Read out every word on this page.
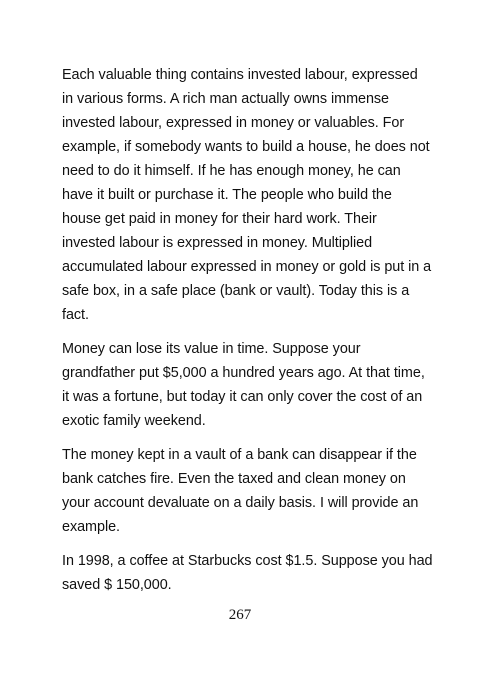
Each valuable thing contains invested labour, expressed
in various forms. A rich man actually owns immense
invested labour, expressed in money or valuables. For
example, if somebody wants to build a house, he does not
need to do it himself. If he has enough money, he can
have it built or purchase it. The people who build the
house get paid in money for their hard work. Their
invested labour is expressed in money. Multiplied
accumulated labour expressed in money or gold is put in a
safe box, in a safe place (bank or vault). Today this is a
fact.

Money can lose its value in time. Suppose your
grandfather put $5,000 a hundred years ago. At that time,
it was a fortune, but today it can only cover the cost of an
exotic family weekend.

The money kept in a vault of a bank can disappear if the
bank catches fire. Even the taxed and clean money on
your account devaluate on a daily basis. I will provide an
example.

In 1998, a coffee at Starbucks cost $1.5. Suppose you had
saved $ 150,000.

267
